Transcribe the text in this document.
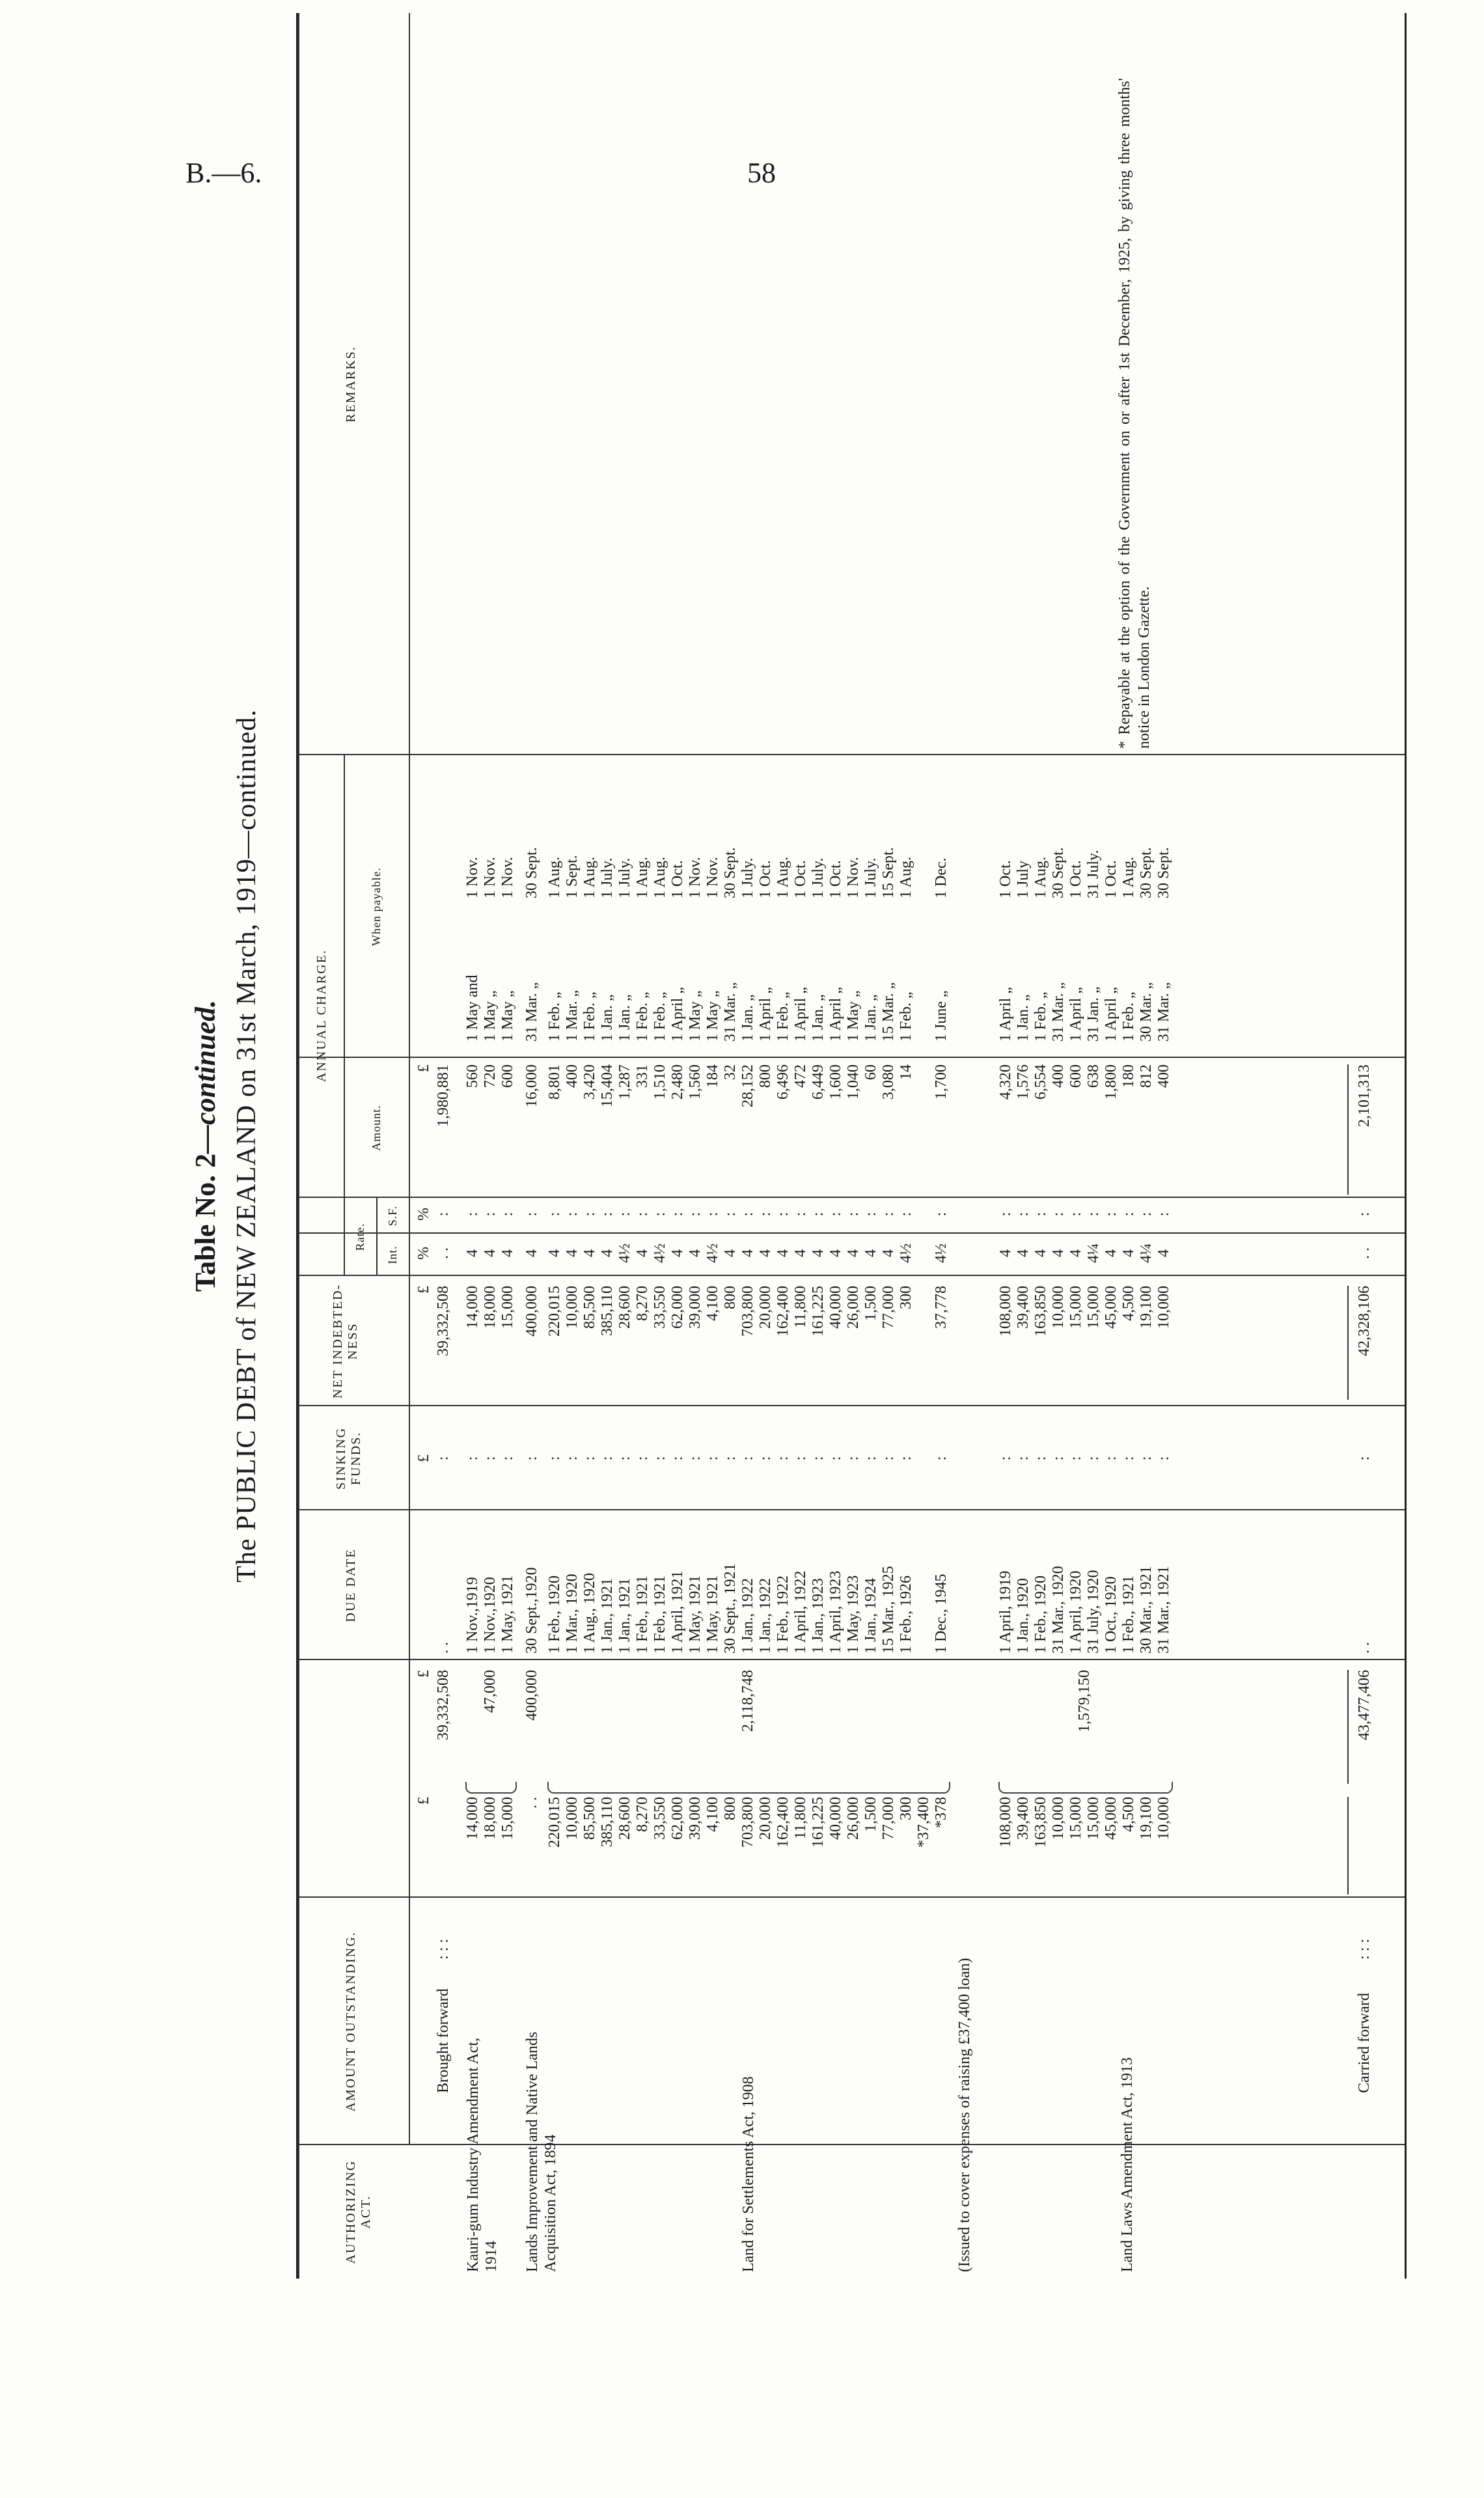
B.—6.	58
Table No. 2—continued. The PUBLIC DEBT of NEW ZEALAND on 31st March, 1919—continued.
AUTHORIZING ACT.
AMOUNT OUTSTANDING.
DUE DATE
SINKING FUNDS.
NET INDEBTED-NESS
ANNUAL CHARGE.
Rate.
Int.
S.F.
Amount.
When payable.
REMARKS.
£
£
£
£
%
%
£
Brought forward
: : :
39,332,508
. .
:
39,332,508
. .
:
1,980,881
Kauri-gum Industry Amendment Act, 1914
14,000
1 Nov.,1919
:
14,000
4
:
560
1 May and
1 Nov.
18,000
1 Nov.,1920
:
18,000
4
:
720
1 May „
1 Nov.
15,000
1 May, 1921
:
15,000
4
:
600
1 May „
1 Nov.
47,000
Lands Improvement and Native Lands Acquisition Act, 1894
. .
30 Sept.,1920
:
400,000
4
:
16,000
31 Mar. „
30 Sept.
400,000
Land for Settlements Act, 1908
220,015
1 Feb., 1920
:
220,015
4
:
8,801
1 Feb. „
1 Aug.
10,000
1 Mar., 1920
:
10,000
4
:
400
1 Mar. „
1 Sept.
85,500
1 Aug., 1920
:
85,500
4
:
3,420
1 Feb. „
1 Aug.
385,110
1 Jan., 1921
:
385,110
4
:
15,404
1 Jan. „
1 July.
28,600
1 Jan., 1921
:
28,600
4½
:
1,287
1 Jan. „
1 July.
8,270
1 Feb., 1921
:
8,270
4
:
331
1 Feb. „
1 Aug.
33,550
1 Feb., 1921
:
33,550
4½
:
1,510
1 Feb. „
1 Aug.
62,000
1 April, 1921
:
62,000
4
:
2,480
1 April „
1 Oct.
39,000
1 May, 1921
:
39,000
4
:
1,560
1 May „
1 Nov.
4,100
1 May, 1921
:
4,100
4½
:
184
1 May „
1 Nov.
800
30 Sept., 1921
:
800
4
:
32
31 Mar. „
30 Sept.
703,800
1 Jan., 1922
:
703,800
4
:
28,152
1 Jan. „
1 July.
20,000
1 Jan., 1922
:
20,000
4
:
800
1 April „
1 Oct.
162,400
1 Feb., 1922
:
162,400
4
:
6,496
1 Feb. „
1 Aug.
11,800
1 April, 1922
:
11,800
4
:
472
1 April „
1 Oct.
161,225
1 Jan., 1923
:
161,225
4
:
6,449
1 Jan. „
1 July.
40,000
1 April, 1923
:
40,000
4
:
1,600
1 April „
1 Oct.
26,000
1 May, 1923
:
26,000
4
:
1,040
1 May „
1 Nov.
1,500
1 Jan., 1924
:
1,500
4
:
60
1 Jan. „
1 July.
77,000
15 Mar., 1925
:
77,000
4
:
3,080
15 Mar. „
15 Sept.
300
1 Feb., 1926
:
300
4½
:
14
1 Feb. „
1 Aug.
*37,400 *378
1 Dec., 1945
:
37,778
4½
:
1,700
1 June „
1 Dec.
2,118,748
(Issued to cover expenses of raising £37,400 loan)	Land Laws Amendment Act, 1913
108,000
1 April, 1919
:
108,000
4
:
4,320
1 April „
1 Oct.
39,400
1 Jan., 1920
:
39,400
4
:
1,576
1 Jan. „
1 July
163,850
1 Feb., 1920
:
163,850
4
:
6,554
1 Feb. „
1 Aug.
10,000
31 Mar., 1920
:
10,000
4
:
400
31 Mar. „
30 Sept.
15,000
1 April, 1920
:
15,000
4
:
600
1 April „
1 Oct.
15,000
31 July, 1920
:
15,000
4¼
:
638
31 Jan. „
31 July.
45,000
1 Oct., 1920
:
45,000
4
:
1,800
1 April „
1 Oct.
4,500
1 Feb., 1921
:
4,500
4
:
180
1 Feb. „
1 Aug.
19,100
30 Mar., 1921
:
19,100
4¼
:
812
30 Mar. „
30 Sept.
10,000
31 Mar., 1921
:
10,000
4
:
400
31 Mar. „
30 Sept.
1,579,150
Carried forward
: : :
43,477,406
. .
:
42,328,106
. .
:
2,101,313
* Repayable at the option of the Government on or after 1st December, 1925, by giving three months' notice in London Gazette.
